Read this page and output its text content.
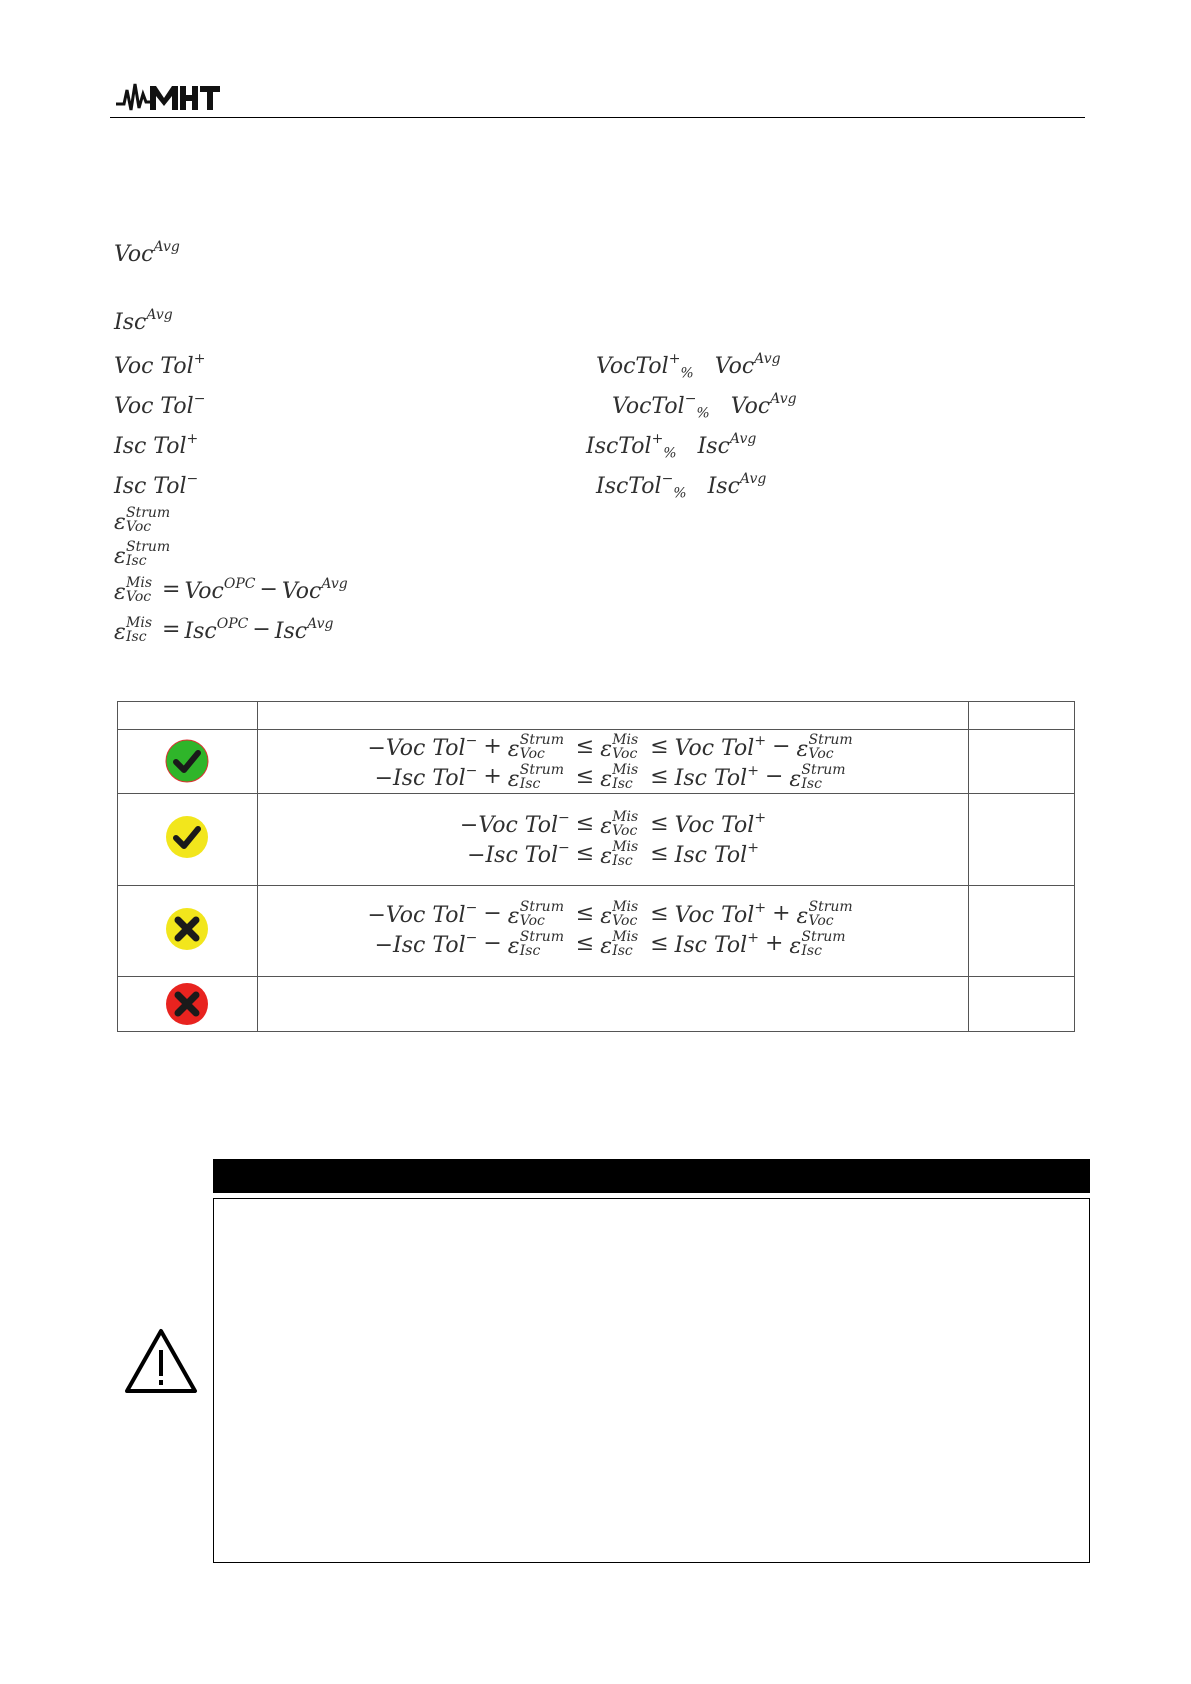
Voc$^{Avg}$
Isc$^{Avg}$
Voc Tol+
Voc Tol−
Isc Tol+
Isc Tol−
VocTol+$_{\%}$ Voc$^{Avg}$
VocTol−$_{\%}$ Voc$^{Avg}$
IscTol+$_{\%}$ Isc$^{Avg}$
IscTol−$_{\%}$ Isc$^{Avg}$
ε Strum
Voc
ε Strum
Isc
ε Mis
Voc = Voc$^{OPC}$ − Voc$^{Avg}$
ε Mis
Isc = Isc$^{OPC}$ − Isc$^{Avg}$
−Voc Tol− + ε Strum
Voc ≤ ε Mis
Voc ≤ Voc Tol+ − ε Strum
Voc
−Isc Tol− + ε Strum
Isc ≤ ε Mis
Isc ≤ Isc Tol+ − ε Strum
Isc
−Voc Tol− ≤ ε Mis
Voc ≤ Voc Tol+
−Isc Tol− ≤ ε Mis
Isc ≤ Isc Tol+
−Voc Tol− − ε Strum
Voc ≤ ε Mis
Voc ≤ Voc Tol+ + ε Strum
Voc
−Isc Tol− − ε Strum
Isc ≤ ε Mis
Isc ≤ Isc Tol+ + ε Strum
Isc
